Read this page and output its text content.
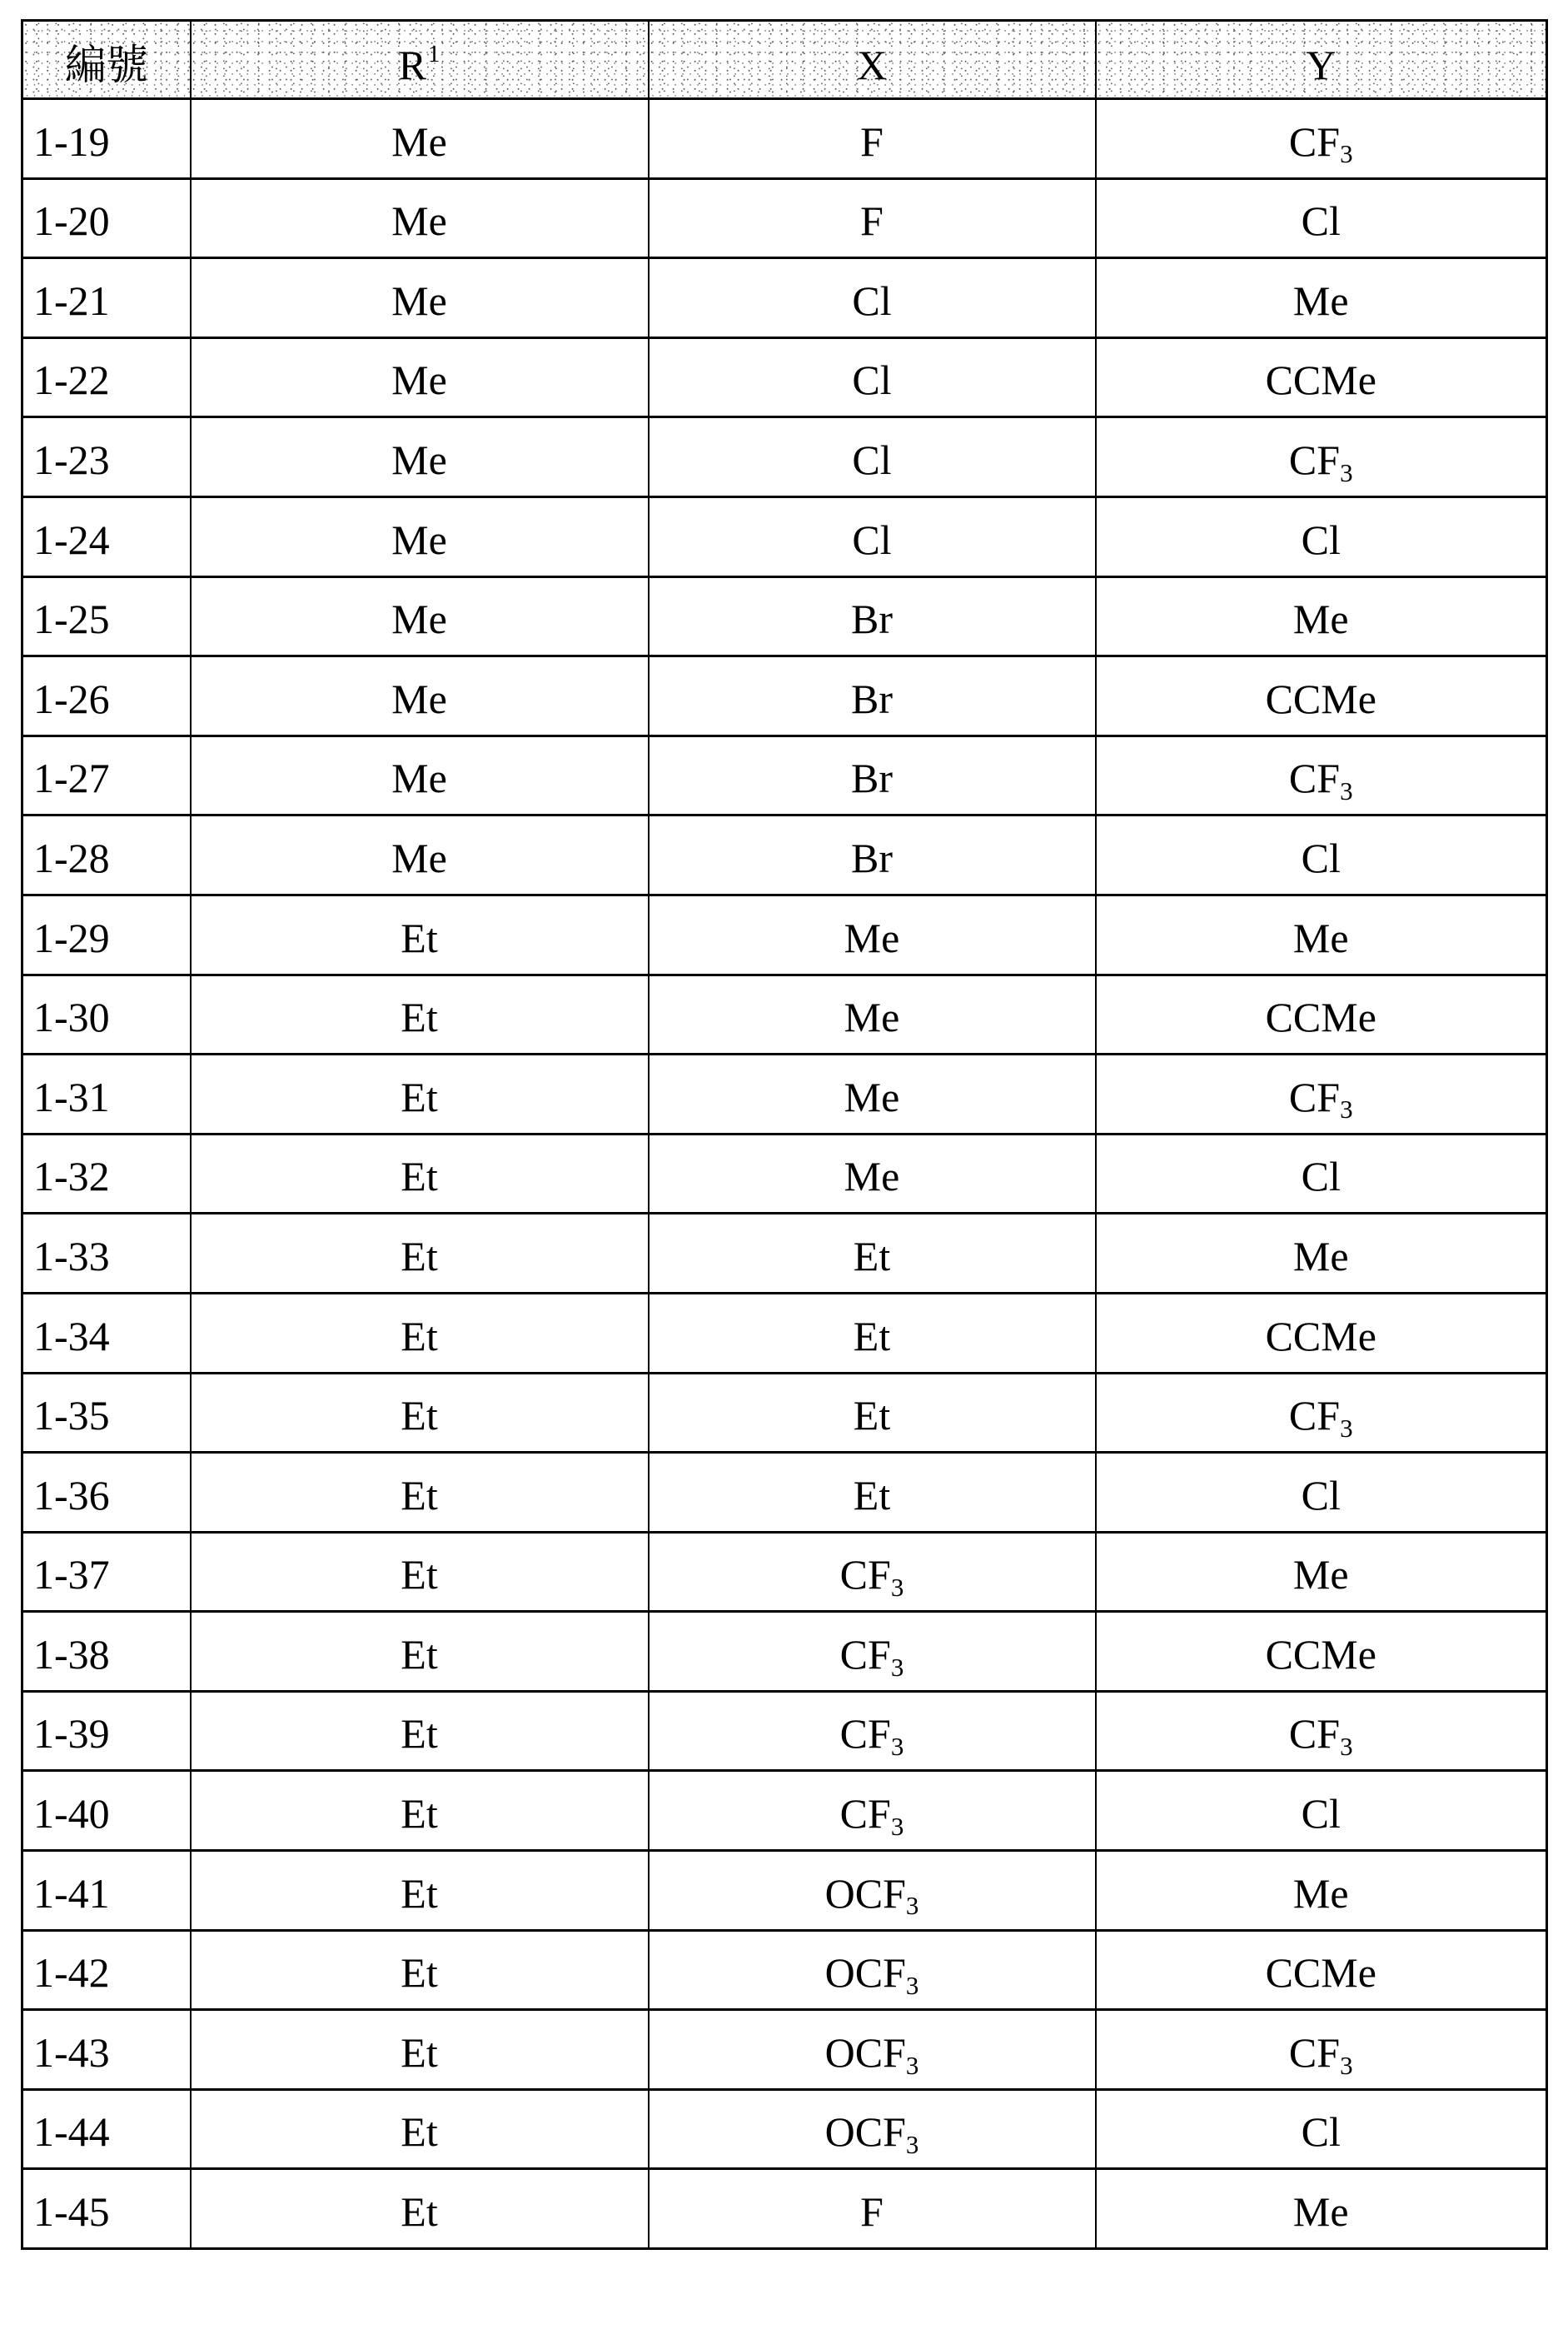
編號	$R^1$	X	Y
1-19	Me	F	CF3
1-20	Me	F	Cl
1-21	Me	Cl	Me
1-22	Me	Cl	CCMe
1-23	Me	Cl	CF3
1-24	Me	Cl	Cl
1-25	Me	Br	Me
1-26	Me	Br	CCMe
1-27	Me	Br	CF3
1-28	Me	Br	Cl
1-29	Et	Me	Me
1-30	Et	Me	CCMe
1-31	Et	Me	CF3
1-32	Et	Me	Cl
1-33	Et	Et	Me
1-34	Et	Et	CCMe
1-35	Et	Et	CF3
1-36	Et	Et	Cl
1-37	Et	CF3	Me
1-38	Et	CF3	CCMe
1-39	Et	CF3	CF3
1-40	Et	CF3	Cl
1-41	Et	OCF3	Me
1-42	Et	OCF3	CCMe
1-43	Et	OCF3	CF3
1-44	Et	OCF3	Cl
1-45	Et	F	Me
